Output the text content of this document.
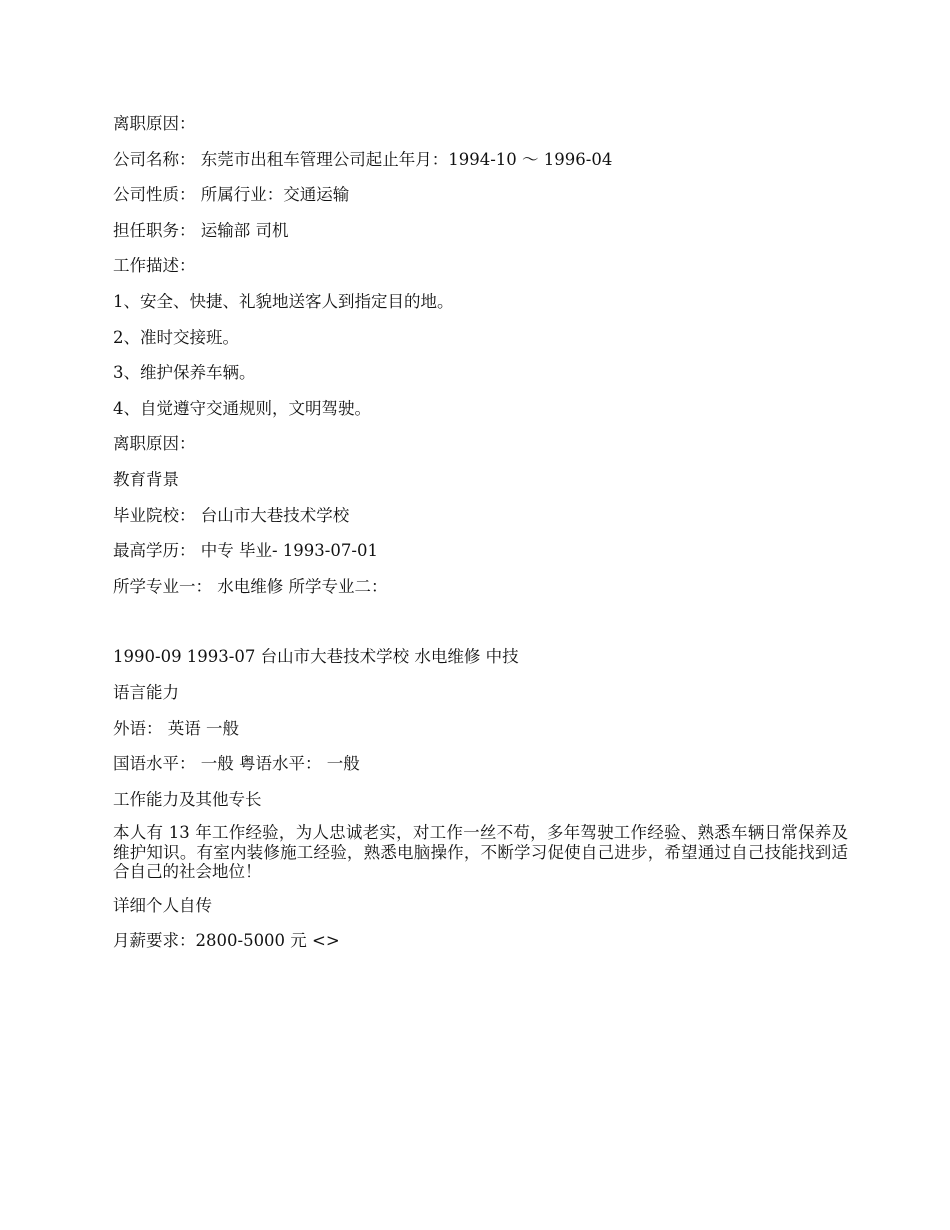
离职原因：
公司名称： 东莞市出租车管理公司起止年月：1994-10 ～ 1996-04
公司性质： 所属行业：交通运输
担任职务： 运输部 司机
工作描述：
1、安全、快捷、礼貌地送客人到指定目的地。
2、准时交接班。
3、维护保养车辆。
4、自觉遵守交通规则，文明驾驶。
离职原因：
教育背景
毕业院校： 台山市大巷技术学校
最高学历： 中专 毕业- 1993-07-01
所学专业一： 水电维修 所学专业二：
1990-09 1993-07 台山市大巷技术学校 水电维修 中技
语言能力
外语： 英语 一般
国语水平： 一般 粤语水平： 一般
工作能力及其他专长
本人有 13 年工作经验，为人忠诚老实，对工作一丝不苟，多年驾驶工作经验、熟悉车辆日常保养及维护知识。有室内装修施工经验，熟悉电脑操作，不断学习促使自己进步，希望通过自己技能找到适合自己的社会地位！
详细个人自传
月薪要求：2800-5000 元 <>
